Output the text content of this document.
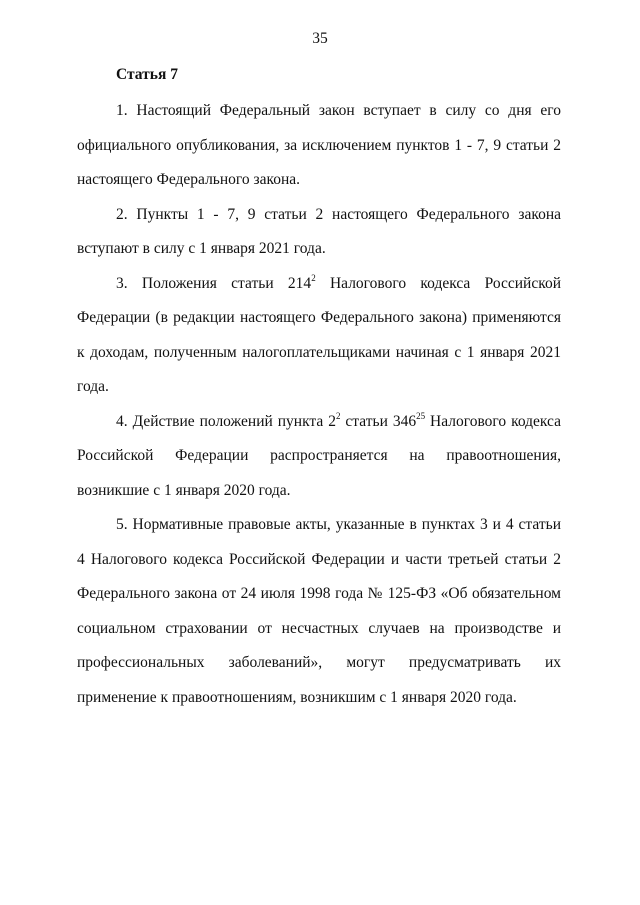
35
Статья 7

1. Настоящий Федеральный закон вступает в силу со дня его официального опубликования, за исключением пунктов 1 - 7, 9 статьи 2 настоящего Федерального закона.

2. Пункты 1 - 7, 9 статьи 2 настоящего Федерального закона вступают в силу с 1 января 2021 года.

3. Положения статьи $214^2$ Налогового кодекса Российской Федерации (в редакции настоящего Федерального закона) применяются к доходам, полученным налогоплательщиками начиная с 1 января 2021 года.

4. Действие положений пункта $2^2$ статьи $346^{25}$ Налогового кодекса Российской Федерации распространяется на правоотношения, возникшие с 1 января 2020 года.

5. Нормативные правовые акты, указанные в пунктах 3 и 4 статьи 4 Налогового кодекса Российской Федерации и части третьей статьи 2 Федерального закона от 24 июля 1998 года № 125-ФЗ «Об обязательном социальном страховании от несчастных случаев на производстве и профессиональных заболеваний», могут предусматривать их применение к правоотношениям, возникшим с 1 января 2020 года.
